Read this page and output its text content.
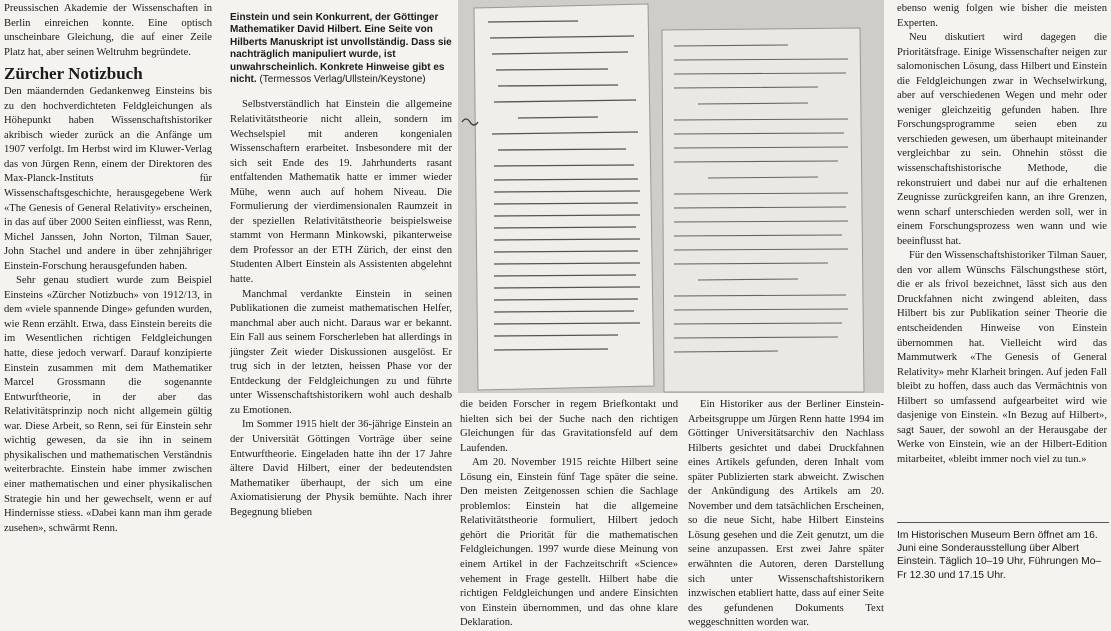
Preussischen Akademie der Wissenschaften in Berlin einreichen konnte. Eine optisch unscheinbare Gleichung, die auf einer Zeile Platz hat, aber seinen Weltruhm begründete.

Zürcher Notizbuch

Den mäandernden Gedankenweg Einsteins bis zu den hochverdichteten Feldgleichungen als Höhepunkt haben Wissenschaftshistoriker akribisch wieder zurück an die Anfänge um 1907 verfolgt. Im Herbst wird im Kluwer-Verlag das von Jürgen Renn, einem der Direktoren des Max-Planck-Instituts für Wissenschaftsgeschichte, herausgegebene Werk «The Genesis of General Relativity» erscheinen, in das auf über 2000 Seiten einfliesst, was Renn, Michel Janssen, John Norton, Tilman Sauer, John Stachel und andere in über zehnjähriger Einstein-Forschung herausgefunden haben.

Sehr genau studiert wurde zum Beispiel Einsteins «Zürcher Notizbuch» von 1912/13, in dem «viele spannende Dinge» gefunden wurden, wie Renn erzählt. Etwa, dass Einstein bereits die im Wesentlichen richtigen Feldgleichungen hatte, diese jedoch verwarf. Darauf konzipierte Einstein zusammen mit dem Mathematiker Marcel Grossmann die sogenannte Entwurftheorie, in der aber das Relativitätsprinzip noch nicht allgemein gültig war. Diese Arbeit, so Renn, sei für Einstein sehr wichtig gewesen, da sie ihn in seinem physikalischen und mathematischen Verständnis weiterbrachte. Einstein habe immer zwischen einer mathematischen und einer physikalischen Strategie hin und her gewechselt, wenn er auf Hindernisse stiess. «Dabei kann man ihm gerade zusehen», schwärmt Renn.

Einstein und sein Konkurrent, der Göttinger Mathematiker David Hilbert. Eine Seite von Hilberts Manuskript ist unvollständig. Dass sie nachträglich manipuliert wurde, ist unwahrscheinlich. Konkrete Hinweise gibt es nicht. (Termessos Verlag/Ullstein/Keystone)

Selbstverständlich hat Einstein die allgemeine Relativitätstheorie nicht allein, sondern im Wechselspiel mit anderen kongenialen Wissenschaftern erarbeitet. Insbesondere mit der sich seit Ende des 19. Jahrhunderts rasant entfaltenden Mathematik hatte er immer wieder Mühe, wenn auch auf hohem Niveau. Die Formulierung der vierdimensionalen Raumzeit in der speziellen Relativitätstheorie beispielsweise stammt von Hermann Minkowski, pikanterweise dem Professor an der ETH Zürich, der einst den Studenten Albert Einstein als Assistenten abgelehnt hatte.

Manchmal verdankte Einstein in seinen Publikationen die zumeist mathematischen Helfer, manchmal aber auch nicht. Daraus war er bekannt. Ein Fall aus seinem Forscherleben hat allerdings in jüngster Zeit wieder Diskussionen ausgelöst. Er trug sich in der letzten, heissen Phase vor der Entdeckung der Feldgleichungen zu und führte unter Wissenschaftshistorikern wohl auch deshalb zu Emotionen.

Im Sommer 1915 hielt der 36-jährige Einstein an der Universität Göttingen Vorträge über seine Entwurftheorie. Eingeladen hatte ihn der 17 Jahre ältere David Hilbert, einer der bedeutendsten Mathematiker überhaupt, der sich um eine Axiomatisierung der Physik bemühte. Nach ihrer Begegnung blieben

die beiden Forscher in regem Briefkontakt und hielten sich bei der Suche nach den richtigen Gleichungen für das Gravitationsfeld auf dem Laufenden.

Am 20. November 1915 reichte Hilbert seine Lösung ein, Einstein fünf Tage später die seine. Den meisten Zeitgenossen schien die Sachlage problemlos: Einstein hat die allgemeine Relativitätstheorie formuliert, Hilbert jedoch gehört die Priorität für die mathematischen Feldgleichungen. 1997 wurde diese Meinung von einem Artikel in der Fachzeitschrift «Science» vehement in Frage gestellt. Hilbert habe die richtigen Feldgleichungen und andere Einsichten von Einstein übernommen, und das ohne klare Deklaration.

Ein Historiker aus der Berliner Einstein-Arbeitsgruppe um Jürgen Renn hatte 1994 im Göttinger Universitätsarchiv den Nachlass Hilberts gesichtet und dabei Druckfahnen eines Artikels gefunden, deren Inhalt vom später Publizierten stark abweicht. Zwischen der Ankündigung des Artikels am 20. November und dem tatsächlichen Erscheinen, so die neue Sicht, habe Hilbert Einsteins Lösung gesehen und die Zeit genutzt, um die seine anzupassen. Erst zwei Jahre später erwähnten die Autoren, deren Darstellung sich unter Wissenschaftshistorikern inzwischen etabliert hatte, dass auf einer Seite des gefundenen Dokuments Text weggeschnitten worden war.

ebenso wenig folgen wie bisher die meisten Experten.

Neu diskutiert wird dagegen die Prioritätsfrage. Einige Wissenschafter neigen zur salomonischen Lösung, dass Hilbert und Einstein die Feldgleichungen zwar in Wechselwirkung, aber auf verschiedenen Wegen und mehr oder weniger gleichzeitig gefunden haben. Ihre Forschungsprogramme seien eben zu verschieden gewesen, um überhaupt miteinander vergleichbar zu sein. Ohnehin stösst die wissenschaftshistorische Methode, die rekonstruiert und dabei nur auf die erhaltenen Zeugnisse zurückgreifen kann, an ihre Grenzen, wenn scharf unterschieden werden soll, wer in einem Forschungsprozess wen wann und wie beeinflusst hat.

Für den Wissenschaftshistoriker Tilman Sauer, den vor allem Wünschs Fälschungsthese stört, die er als frivol bezeichnet, lässt sich aus den Druckfahnen nicht zwingend ableiten, dass Hilbert bis zur Publikation seiner Theorie die entscheidenden Hinweise von Einstein übernommen hat. Vielleicht wird das Mammutwerk «The Genesis of General Relativity» mehr Klarheit bringen. Auf jeden Fall bleibt zu hoffen, dass auch das Vermächtnis von Hilbert so umfassend aufgearbeitet wird wie dasjenige von Einstein. «In Bezug auf Hilbert», sagt Sauer, der sowohl an der Herausgabe der Werke von Einstein, wie an der Hilbert-Edition mitarbeitet, «bleibt immer noch viel zu tun.»

Im Historischen Museum Bern öffnet am 16. Juni eine Sonderausstellung über Albert Einstein. Täglich 10–19 Uhr, Führungen Mo–Fr 12.30 und 17.15 Uhr.
